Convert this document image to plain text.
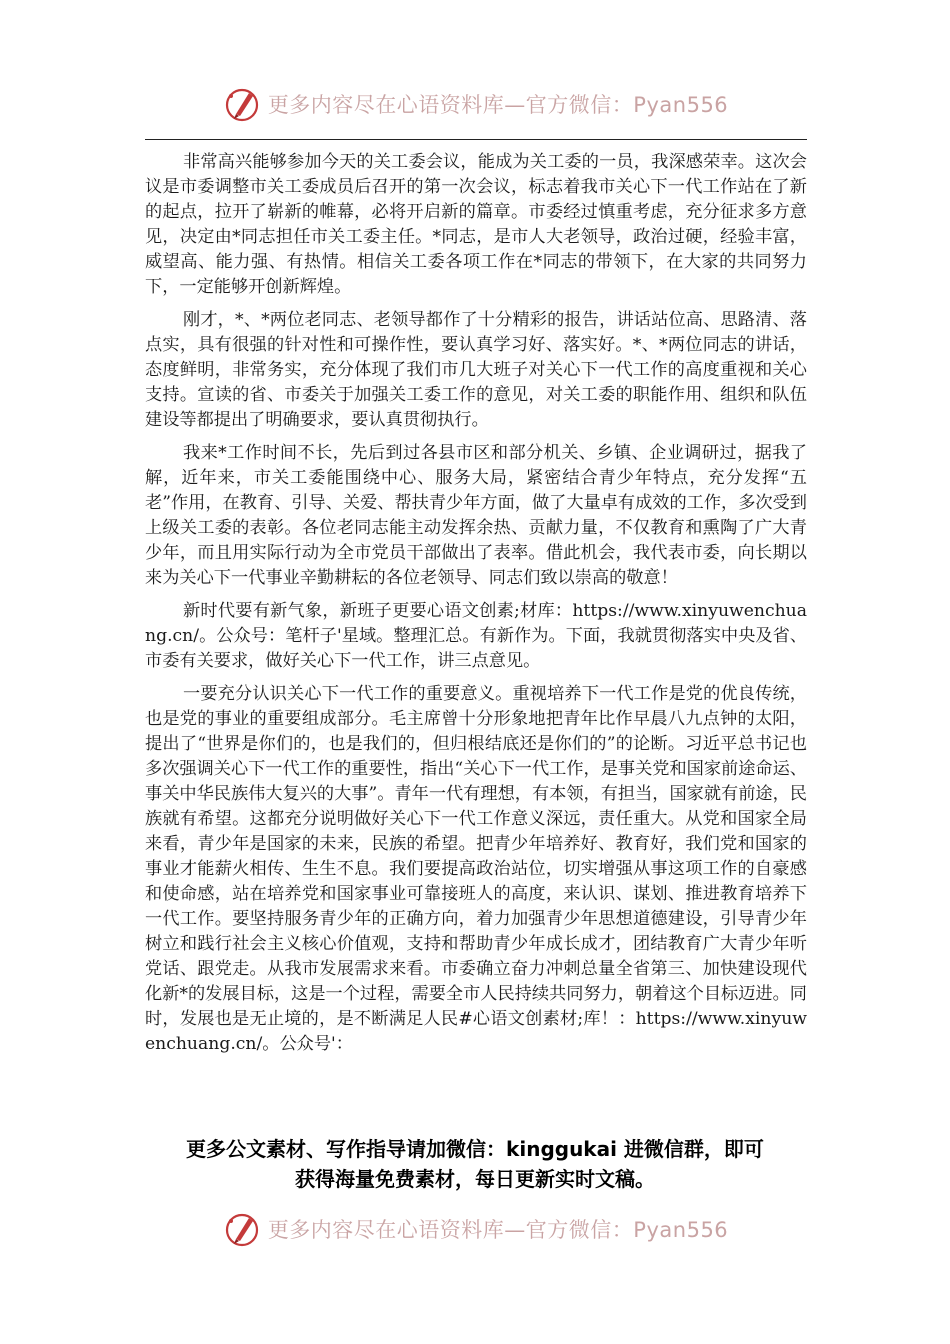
更多内容尽在心语资料库—官方微信：Pyan556

非常高兴能够参加今天的关工委会议，能成为关工委的一员，我深感荣幸。这次会议是市委调整市关工委成员后召开的第一次会议，标志着我市关心下一代工作站在了新的起点，拉开了崭新的帷幕，必将开启新的篇章。市委经过慎重考虑，充分征求多方意见，决定由*同志担任市关工委主任。*同志，是市人大老领导，政治过硬，经验丰富，威望高、能力强、有热情。相信关工委各项工作在*同志的带领下，在大家的共同努力下，一定能够开创新辉煌。

刚才，*、*两位老同志、老领导都作了十分精彩的报告，讲话站位高、思路清、落点实，具有很强的针对性和可操作性，要认真学习好、落实好。*、*两位同志的讲话，态度鲜明，非常务实，充分体现了我们市几大班子对关心下一代工作的高度重视和关心支持。宣读的省、市委关于加强关工委工作的意见，对关工委的职能作用、组织和队伍建设等都提出了明确要求，要认真贯彻执行。

我来*工作时间不长，先后到过各县市区和部分机关、乡镇、企业调研过，据我了解，近年来，市关工委能围绕中心、服务大局，紧密结合青少年特点，充分发挥“五老”作用，在教育、引导、关爱、帮扶青少年方面，做了大量卓有成效的工作，多次受到上级关工委的表彰。各位老同志能主动发挥余热、贡献力量，不仅教育和熏陶了广大青少年，而且用实际行动为全市党员干部做出了表率。借此机会，我代表市委，向长期以来为关心下一代事业辛勤耕耘的各位老领导、同志们致以崇高的敬意！

新时代要有新气象，新班子更要心语文创素;材库：https://www.xinyuwenchuang.cn/。公众号：笔杆子'星域。整理汇总。有新作为。下面，我就贯彻落实中央及省、市委有关要求，做好关心下一代工作，讲三点意见。

一要充分认识关心下一代工作的重要意义。重视培养下一代工作是党的优良传统，也是党的事业的重要组成部分。毛主席曾十分形象地把青年比作早晨八九点钟的太阳，提出了“世界是你们的，也是我们的，但归根结底还是你们的”的论断。习近平总书记也多次强调关心下一代工作的重要性，指出“关心下一代工作，是事关党和国家前途命运、事关中华民族伟大复兴的大事”。青年一代有理想，有本领，有担当，国家就有前途，民族就有希望。这都充分说明做好关心下一代工作意义深远，责任重大。从党和国家全局来看，青少年是国家的未来，民族的希望。把青少年培养好、教育好，我们党和国家的事业才能薪火相传、生生不息。我们要提高政治站位，切实增强从事这项工作的自豪感和使命感，站在培养党和国家事业可靠接班人的高度，来认识、谋划、推进教育培养下一代工作。要坚持服务青少年的正确方向，着力加强青少年思想道德建设，引导青少年树立和践行社会主义核心价值观，支持和帮助青少年成长成才，团结教育广大青少年听党话、跟党走。从我市发展需求来看。市委确立奋力冲刺总量全省第三、加快建设现代化新*的发展目标，这是一个过程，需要全市人民持续共同努力，朝着这个目标迈进。同时，发展也是无止境的，是不断满足人民#心语文创素材;库！：https://www.xinyuwenchuang.cn/。公众号'：

更多公文素材、写作指导请加微信：kinggukai 进微信群，即可
获得海量免费素材，每日更新实时文稿。
更多内容尽在心语资料库—官方微信：Pyan556
